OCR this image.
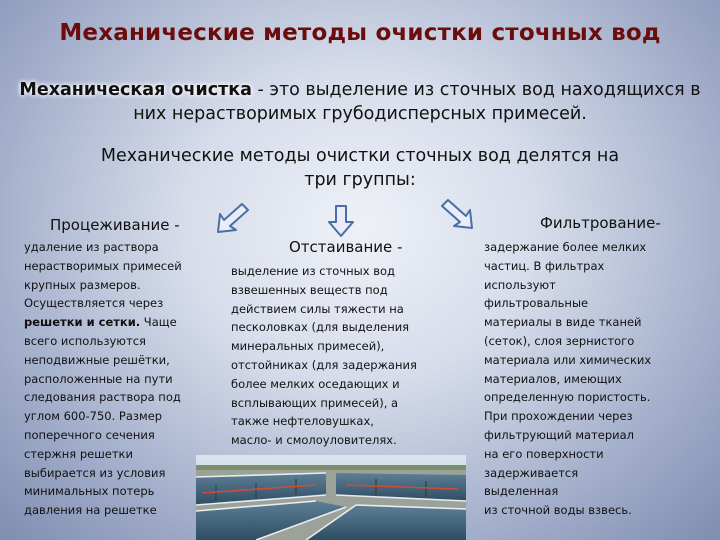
Механические методы очистки сточных вод
Механическая очистка - это выделение из сточных вод находящихся в них нерастворимых грубодисперсных примесей.
Механические методы очистки сточных вод делятся на три группы:
Процеживание -
удаление из раствора
нерастворимых примесей
крупных размеров.
Осуществляется через
решетки и сетки. Чаще
всего используются
неподвижные решётки,
расположенные на пути
следования раствора под
углом 600-750. Размер
поперечного сечения
стержня решетки
выбирается из условия
минимальных потерь
давления на решетке
Отстаивание -
выделение из сточных вод
взвешенных веществ под
действием силы тяжести на
песколовках (для выделения
минеральных примесей),
отстойниках (для задержания
более мелких оседающих и
всплывающих примесей), а
также нефтеловушках,
масло- и смолоуловителях.
Фильтрование-
задержание более мелких
частиц. В фильтрах
используют
фильтровальные
материалы в виде тканей
(сеток), слоя зернистого
материала или химических
материалов, имеющих
определенную пористость.
При прохождении через
фильтрующий материал
на его поверхности
задерживается
выделенная
из сточной воды взвесь.
